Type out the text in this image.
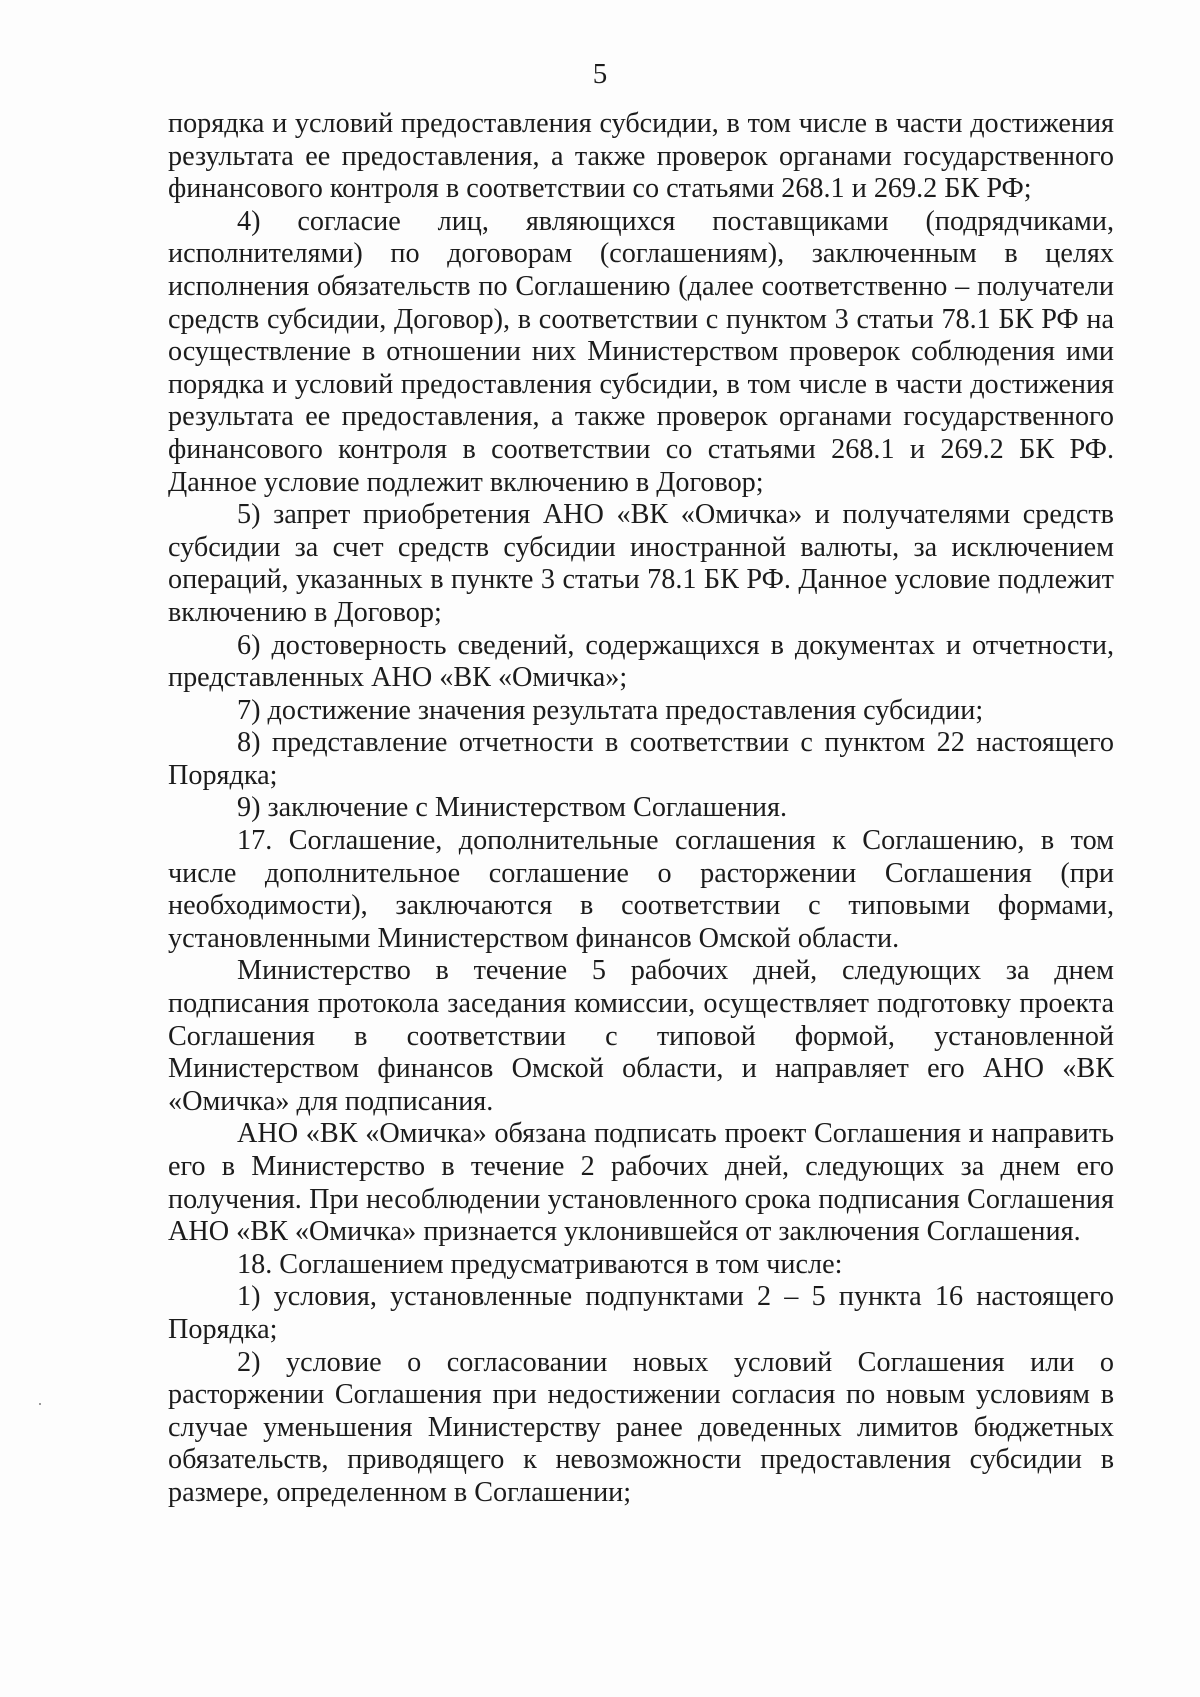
5

порядка и условий предоставления субсидии, в том числе в части достижения результата ее предоставления, а также проверок органами государственного финансового контроля в соответствии со статьями 268.1 и 269.2 БК РФ;

4) согласие лиц, являющихся поставщиками (подрядчиками, исполнителями) по договорам (соглашениям), заключенным в целях исполнения обязательств по Соглашению (далее соответственно – получатели средств субсидии, Договор), в соответствии с пунктом 3 статьи 78.1 БК РФ на осуществление в отношении них Министерством проверок соблюдения ими порядка и условий предоставления субсидии, в том числе в части достижения результата ее предоставления, а также проверок органами государственного финансового контроля в соответствии со статьями 268.1 и 269.2 БК РФ. Данное условие подлежит включению в Договор;

5) запрет приобретения АНО «ВК «Омичка» и получателями средств субсидии за счет средств субсидии иностранной валюты, за исключением операций, указанных в пункте 3 статьи 78.1 БК РФ. Данное условие подлежит включению в Договор;

6) достоверность сведений, содержащихся в документах и отчетности, представленных АНО «ВК «Омичка»;

7) достижение значения результата предоставления субсидии;

8) представление отчетности в соответствии с пунктом 22 настоящего Порядка;

9) заключение с Министерством Соглашения.

17. Соглашение, дополнительные соглашения к Соглашению, в том числе дополнительное соглашение о расторжении Соглашения (при необходимости), заключаются в соответствии с типовыми формами, установленными Министерством финансов Омской области.

Министерство в течение 5 рабочих дней, следующих за днем подписания протокола заседания комиссии, осуществляет подготовку проекта Соглашения в соответствии с типовой формой, установленной Министерством финансов Омской области, и направляет его АНО «ВК «Омичка» для подписания.

АНО «ВК «Омичка» обязана подписать проект Соглашения и направить его в Министерство в течение 2 рабочих дней, следующих за днем его получения. При несоблюдении установленного срока подписания Соглашения АНО «ВК «Омичка» признается уклонившейся от заключения Соглашения.

18. Соглашением предусматриваются в том числе:

1) условия, установленные подпунктами 2 – 5 пункта 16 настоящего Порядка;

2) условие о согласовании новых условий Соглашения или о расторжении Соглашения при недостижении согласия по новым условиям в случае уменьшения Министерству ранее доведенных лимитов бюджетных обязательств, приводящего к невозможности предоставления субсидии в размере, определенном в Соглашении;
